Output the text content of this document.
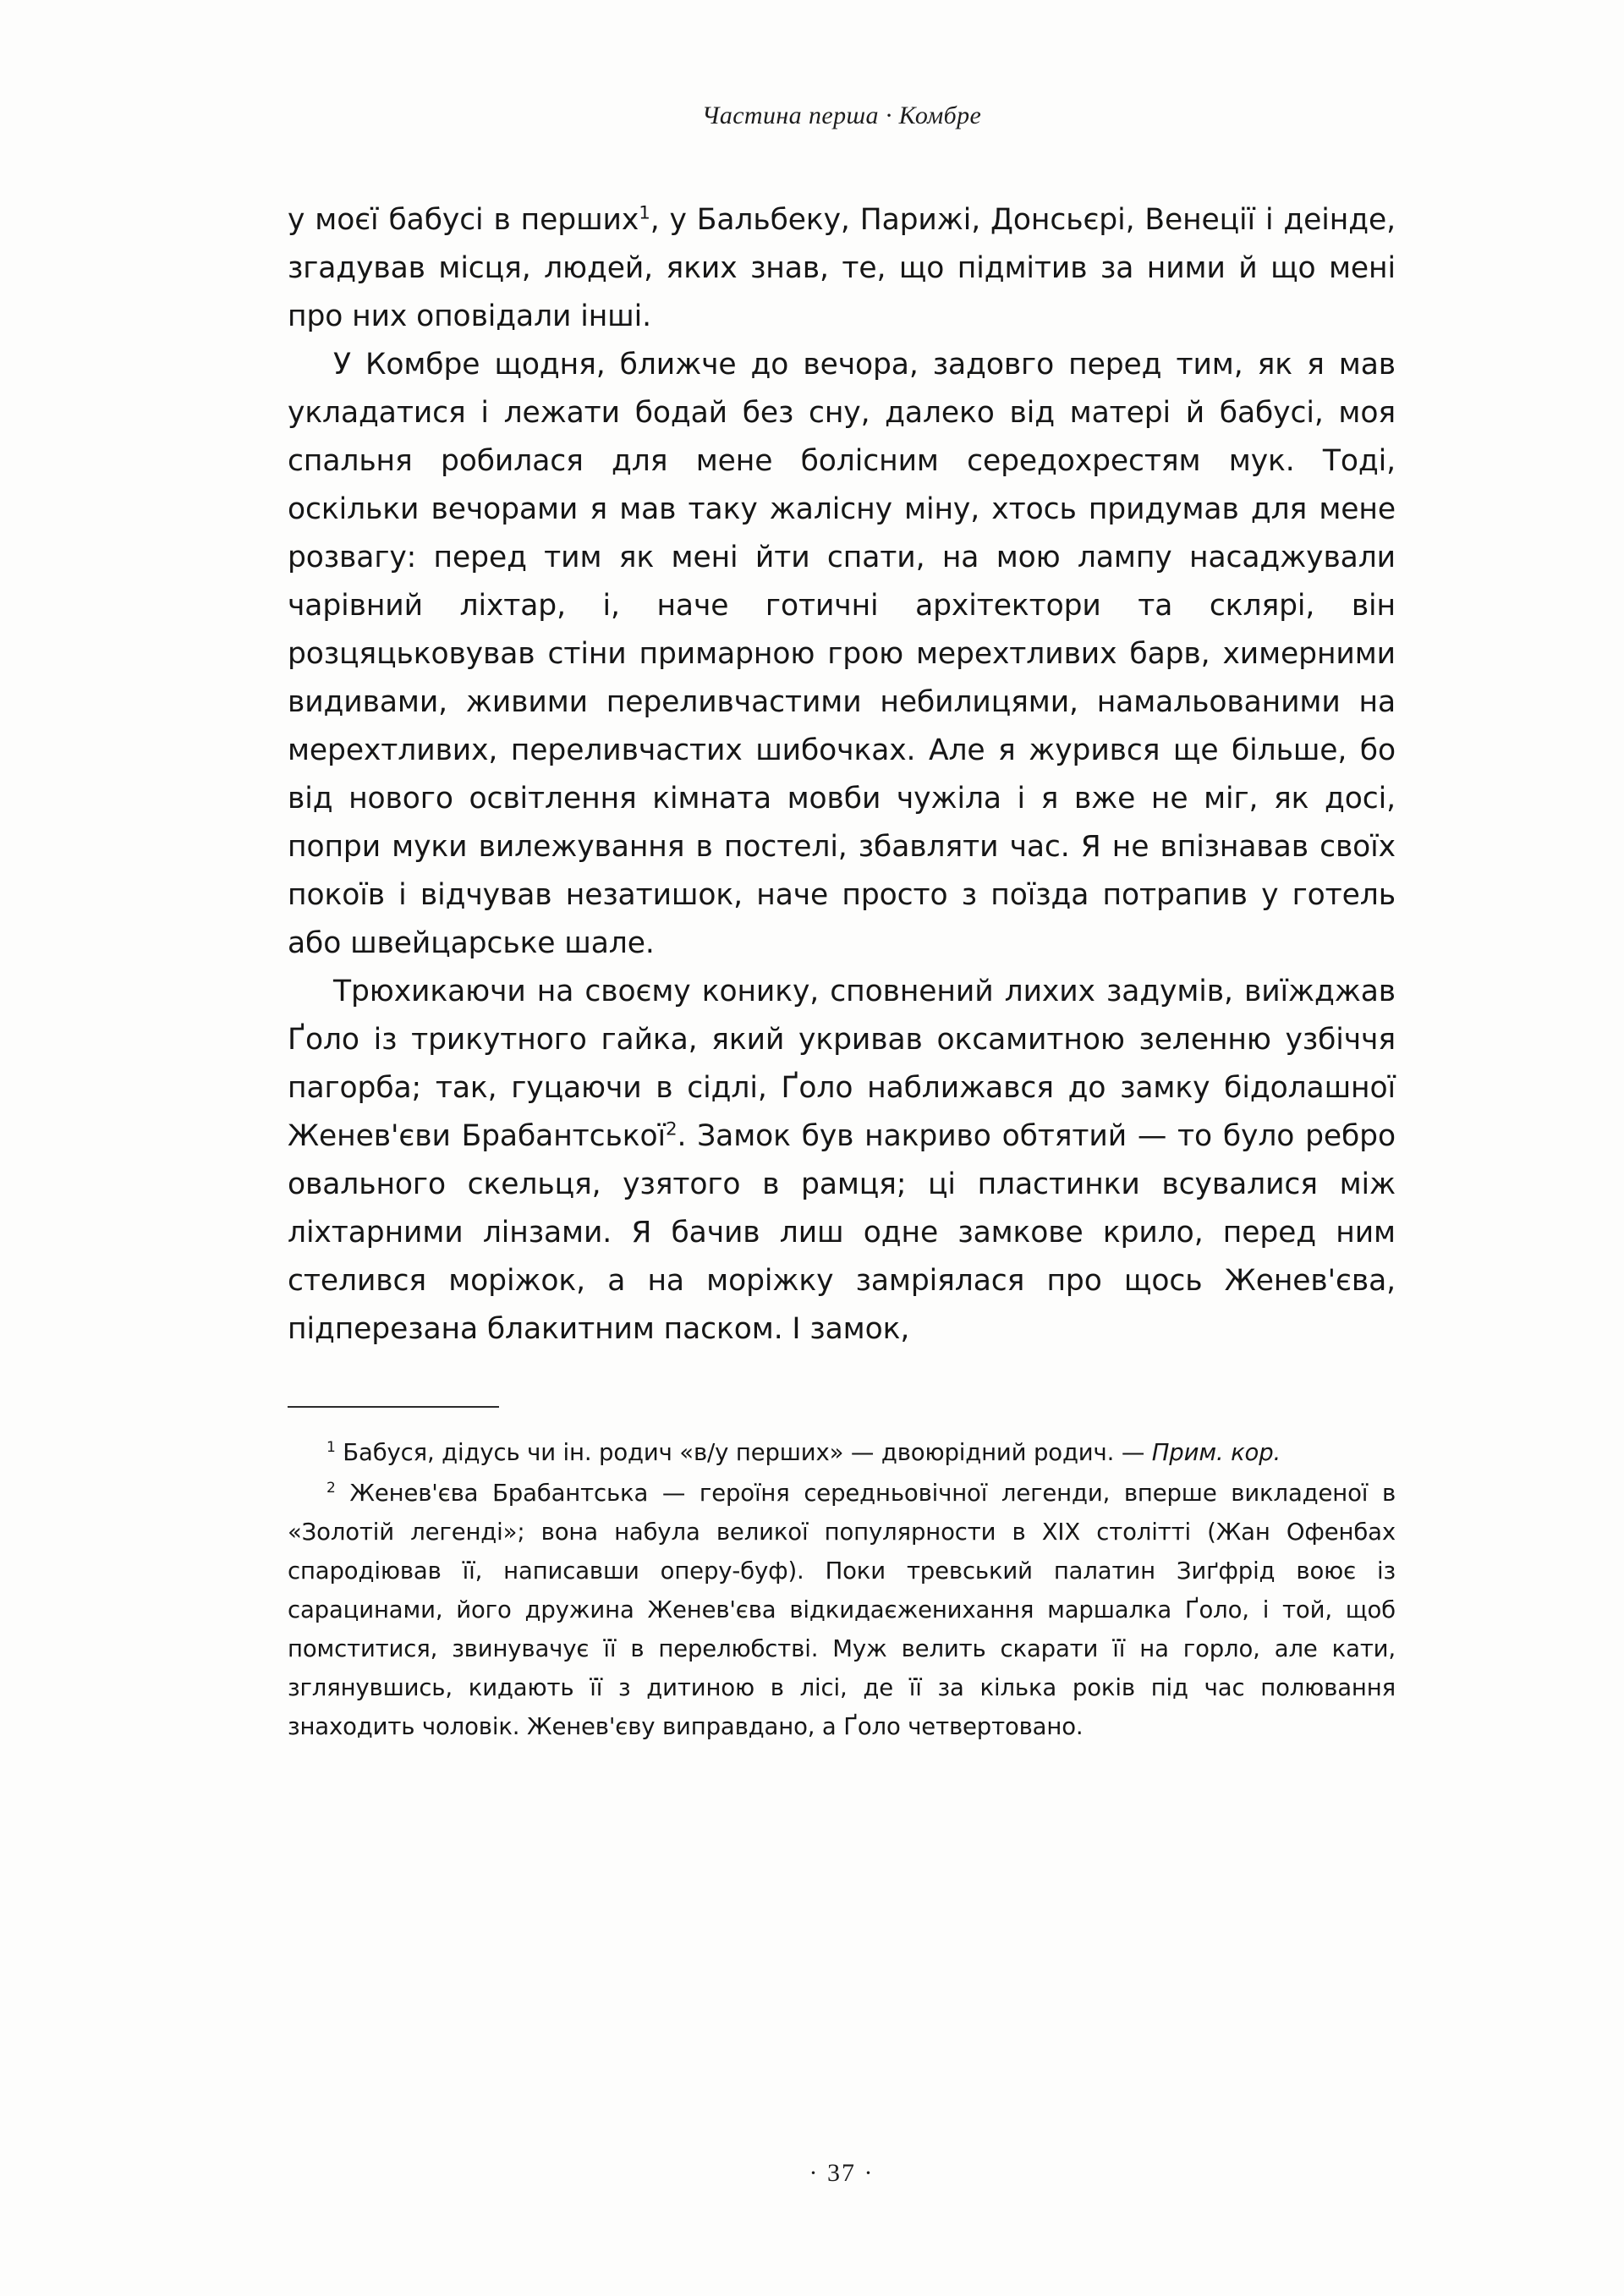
Частина перша · Комбре

у моєї бабусі в перших$^1$, у Бальбеку, Парижі, Донсьєрі, Венеції і деінде, згадував місця, людей, яких знав, те, що підмітив за ними й що мені про них оповідали інші.

У Комбре щодня, ближче до вечора, задовго перед тим, як я мав укладатися і лежати бодай без сну, далеко від матері й бабусі, моя спальня робилася для мене болісним середохрестям мук. Тоді, оскільки вечорами я мав таку жалісну міну, хтось придумав для мене розвагу: перед тим як мені йти спати, на мою лампу насаджували чарівний ліхтар, і, наче готичні архітектори та склярі, він розцяцьковував стіни примарною грою мерехтливих барв, химерними видивами, живими переливчастими небилицями, намальованими на мерехтливих, переливчастих шибочках. Але я журився ще більше, бо від нового освітлення кімната мовби чужіла і я вже не міг, як досі, попри муки вилежування в постелі, збавляти час. Я не впізнавав своїх покоїв і відчував незатишок, наче просто з поїзда потрапив у готель або швейцарське шале.

Трюхикаючи на своєму конику, сповнений лихих задумів, виїжджав Ґоло із трикутного гайка, який укривав оксамитною зеленню узбіччя пагорба; так, гуцаючи в сідлі, Ґоло наближався до замку бідолашної Женев'єви Брабантської$^2$. Замок був накриво обтятий — то було ребро овального скельця, узятого в рамця; ці пластинки всувалися між ліхтарними лінзами. Я бачив лиш одне замкове крило, перед ним стелився моріжок, а на моріжку замріялася про щось Женев'єва, підперезана блакитним паском. І замок,

$^1$ Бабуся, дідусь чи ін. родич «в/у перших» — двоюрідний родич. — Прим. кор.

$^2$ Женев'єва Брабантська — героїня середньовічної легенди, вперше викладеної в «Золотій легенді»; вона набула великої популярности в XIX столітті (Жан Офенбах спародіював її, написавши оперу-буф). Поки тревський палатин Зиґфрід воює із сарацинами, його дружина Женев'єва відкидаєженихання маршалка Ґоло, і той, щоб помститися, звинувачує її в перелюбстві. Муж велить скарати її на горло, але кати, зглянувшись, кидають її з дитиною в лісі, де її за кілька років під час полювання знаходить чоловік. Женев'єву виправдано, а Ґоло четвертовано.

· 37 ·
